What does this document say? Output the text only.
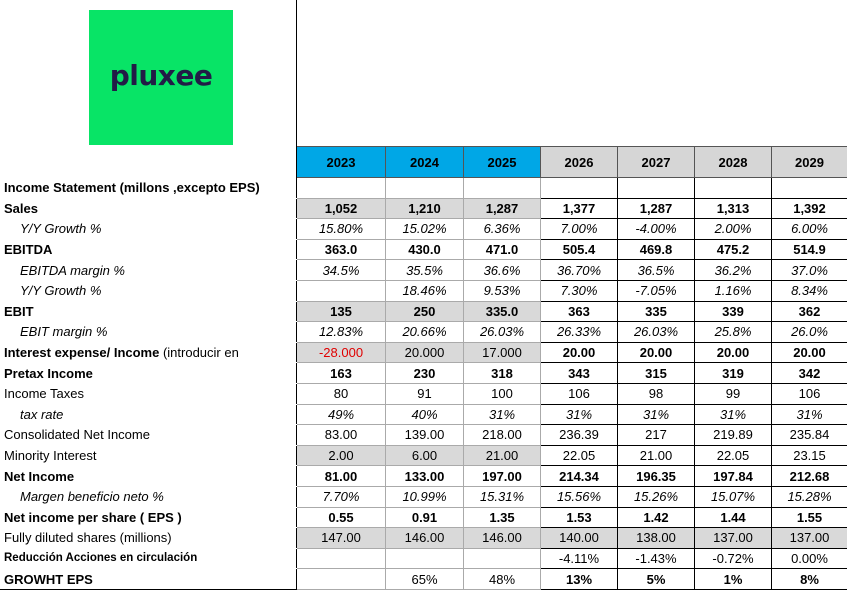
pluxee
	2023	2024	2025	2026	2027	2028	2029
Income Statement (millons ,excepto EPS)							
Sales	1,052	1,210	1,287	1,377	1,287	1,313	1,392
Y/Y Growth %	15.80%	15.02%	6.36%	7.00%	-4.00%	2.00%	6.00%
EBITDA	363.0	430.0	471.0	505.4	469.8	475.2	514.9
EBITDA margin %	34.5%	35.5%	36.6%	36.70%	36.5%	36.2%	37.0%
Y/Y Growth %		18.46%	9.53%	7.30%	-7.05%	1.16%	8.34%
EBIT	135	250	335.0	363	335	339	362
EBIT margin %	12.83%	20.66%	26.03%	26.33%	26.03%	25.8%	26.0%
Interest expense/ Income (introducir en	-28.000	20.000	17.000	20.00	20.00	20.00	20.00
Pretax Income	163	230	318	343	315	319	342
Income Taxes	80	91	100	106	98	99	106
tax rate	49%	40%	31%	31%	31%	31%	31%
Consolidated Net Income	83.00	139.00	218.00	236.39	217	219.89	235.84
Minority Interest	2.00	6.00	21.00	22.05	21.00	22.05	23.15
Net Income	81.00	133.00	197.00	214.34	196.35	197.84	212.68
Margen beneficio neto %	7.70%	10.99%	15.31%	15.56%	15.26%	15.07%	15.28%
Net income per share ( EPS )	0.55	0.91	1.35	1.53	1.42	1.44	1.55
Fully diluted shares (millions)	147.00	146.00	146.00	140.00	138.00	137.00	137.00
Reducción Acciones en circulación				-4.11%	-1.43%	-0.72%	0.00%
GROWHT EPS		65%	48%	13%	5%	1%	8%
